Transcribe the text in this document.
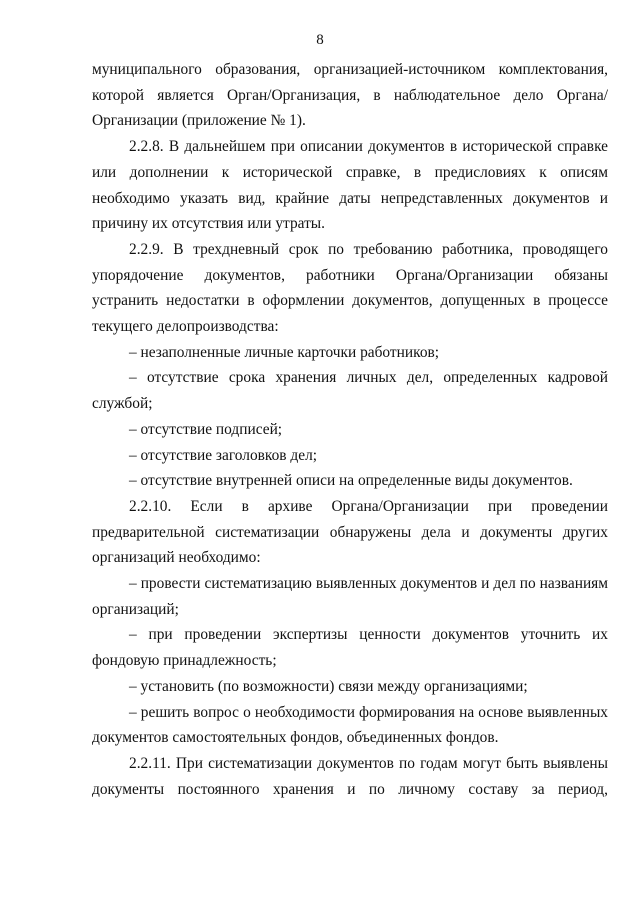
8

муниципального образования, организацией-источником комплектования, которой является Орган/Организация, в наблюдательное дело Органа/Организации (приложение № 1).

2.2.8. В дальнейшем при описании документов в исторической справке или дополнении к исторической справке, в предисловиях к описям необходимо указать вид, крайние даты непредставленных документов и причину их отсутствия или утраты.

2.2.9. В трехдневный срок по требованию работника, проводящего упорядочение документов, работники Органа/Организации обязаны устранить недостатки в оформлении документов, допущенных в процессе текущего делопроизводства:

– незаполненные личные карточки работников;

– отсутствие срока хранения личных дел, определенных кадровой службой;

– отсутствие подписей;

– отсутствие заголовков дел;

– отсутствие внутренней описи на определенные виды документов.

2.2.10. Если в архиве Органа/Организации при проведении предварительной систематизации обнаружены дела и документы других организаций необходимо:

– провести систематизацию выявленных документов и дел по названиям организаций;

– при проведении экспертизы ценности документов уточнить их фондовую принадлежность;

– установить (по возможности) связи между организациями;

– решить вопрос о необходимости формирования на основе выявленных документов самостоятельных фондов, объединенных фондов.

2.2.11. При систематизации документов по годам могут быть выявлены документы постоянного хранения и по личному составу за период,
